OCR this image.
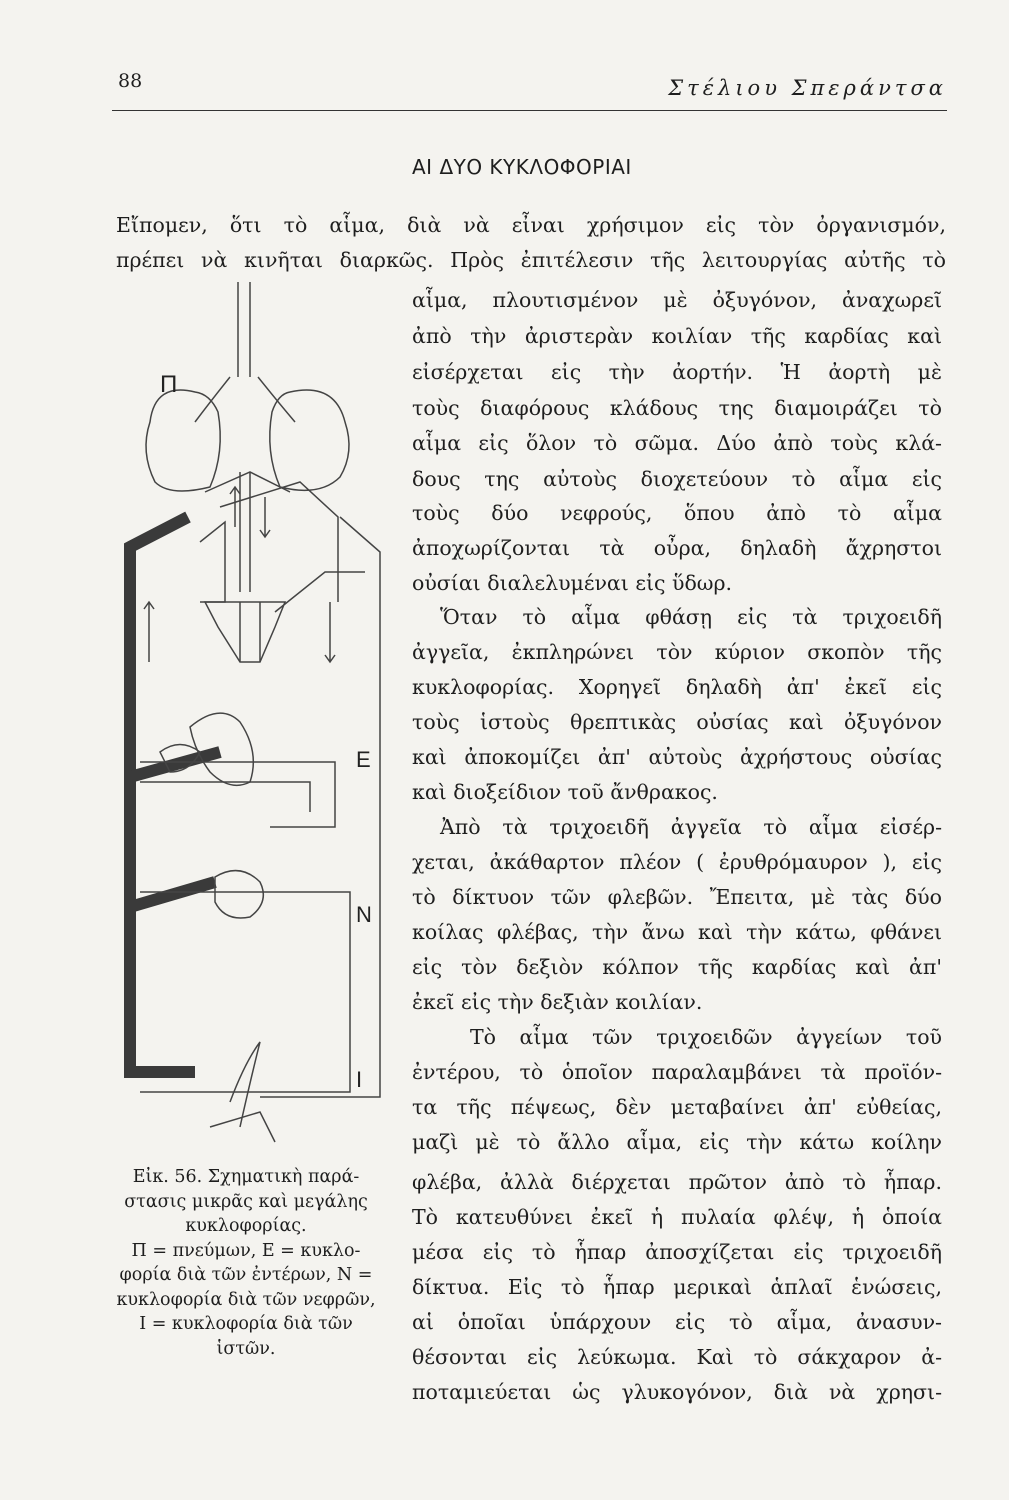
88	Στέλιου Σπεράντσα
ΑΙ ΔΥΟ ΚΥΚΛΟΦΟΡΙΑΙ
Εἴπομεν, ὅτι τὸ αἷμα, διὰ νὰ εἶναι χρήσιμον εἰς τὸν ὀργανισμόν,
πρέπει νὰ κινῆται διαρκῶς. Πρὸς ἐπιτέλεσιν τῆς λειτουργίας αὐτῆς τὸ
αἷμα, πλουτισμένον μὲ ὀξυγόνον, ἀναχωρεῖ
ἀπὸ τὴν ἀριστερὰν κοιλίαν τῆς καρδίας καὶ
εἰσέρχεται εἰς τὴν ἀορτήν. Ἡ ἀορτὴ μὲ
τοὺς διαφόρους κλάδους της διαμοιράζει τὸ
αἷμα εἰς ὅλον τὸ σῶμα. Δύο ἀπὸ τοὺς κλά-
δους της αὐτοὺς διοχετεύουν τὸ αἷμα εἰς
τοὺς δύο νεφρούς, ὅπου ἀπὸ τὸ αἷμα
ἀποχωρίζονται τὰ οὖρα, δηλαδὴ ἄχρηστοι
οὐσίαι διαλελυμέναι εἰς ὕδωρ.
Ὅταν τὸ αἷμα φθάσῃ εἰς τὰ τριχοειδῆ
ἀγγεῖα, ἐκπληρώνει τὸν κύριον σκοπὸν τῆς
κυκλοφορίας. Χορηγεῖ δηλαδὴ ἀπ' ἐκεῖ εἰς
τοὺς ἱστοὺς θρεπτικὰς οὐσίας καὶ ὀξυγόνον
καὶ ἀποκομίζει ἀπ' αὐτοὺς ἀχρήστους οὐσίας
καὶ διοξείδιον τοῦ ἄνθρακος.
Ἀπὸ τὰ τριχοειδῆ ἀγγεῖα τὸ αἷμα εἰσέρ-
χεται, ἀκάθαρτον πλέον ( ἐρυθρόμαυρον ), εἰς
τὸ δίκτυον τῶν φλεβῶν. Ἔπειτα, μὲ τὰς δύο
κοίλας φλέβας, τὴν ἄνω καὶ τὴν κάτω, φθάνει
εἰς τὸν δεξιὸν κόλπον τῆς καρδίας καὶ ἀπ'
ἐκεῖ εἰς τὴν δεξιὰν κοιλίαν.
Τὸ αἷμα τῶν τριχοειδῶν ἀγγείων τοῦ
ἐντέρου, τὸ ὁποῖον παραλαμβάνει τὰ προϊόν-
τα τῆς πέψεως, δὲν μεταβαίνει ἀπ' εὐθείας,
μαζὶ μὲ τὸ ἄλλο αἷμα, εἰς τὴν κάτω κοίλην
φλέβα, ἀλλὰ διέρχεται πρῶτον ἀπὸ τὸ ἧπαρ.
Τὸ κατευθύνει ἐκεῖ ἡ πυλαία φλέψ, ἡ ὁποία
μέσα εἰς τὸ ἧπαρ ἀποσχίζεται εἰς τριχοειδῆ
δίκτυα. Εἰς τὸ ἧπαρ μερικαὶ ἁπλαῖ ἑνώσεις,
αἱ ὁποῖαι ὑπάρχουν εἰς τὸ αἷμα, ἀνασυν-
θέσονται εἰς λεύκωμα. Καὶ τὸ σάκχαρον ἀ-
ποταμιεύεται ὡς γλυκογόνον, διὰ νὰ χρησι-
Π
Ε
Ν
Ι
Εἰκ. 56. Σχηματικὴ παρά-
στασις μικρᾶς καὶ μεγάλης
κυκλοφορίας.
Π = πνεύμων, Ε = κυκλο-
φορία διὰ τῶν ἐντέρων, Ν =
κυκλοφορία διὰ τῶν νεφρῶν,
Ι = κυκλοφορία διὰ τῶν
ἱστῶν.
